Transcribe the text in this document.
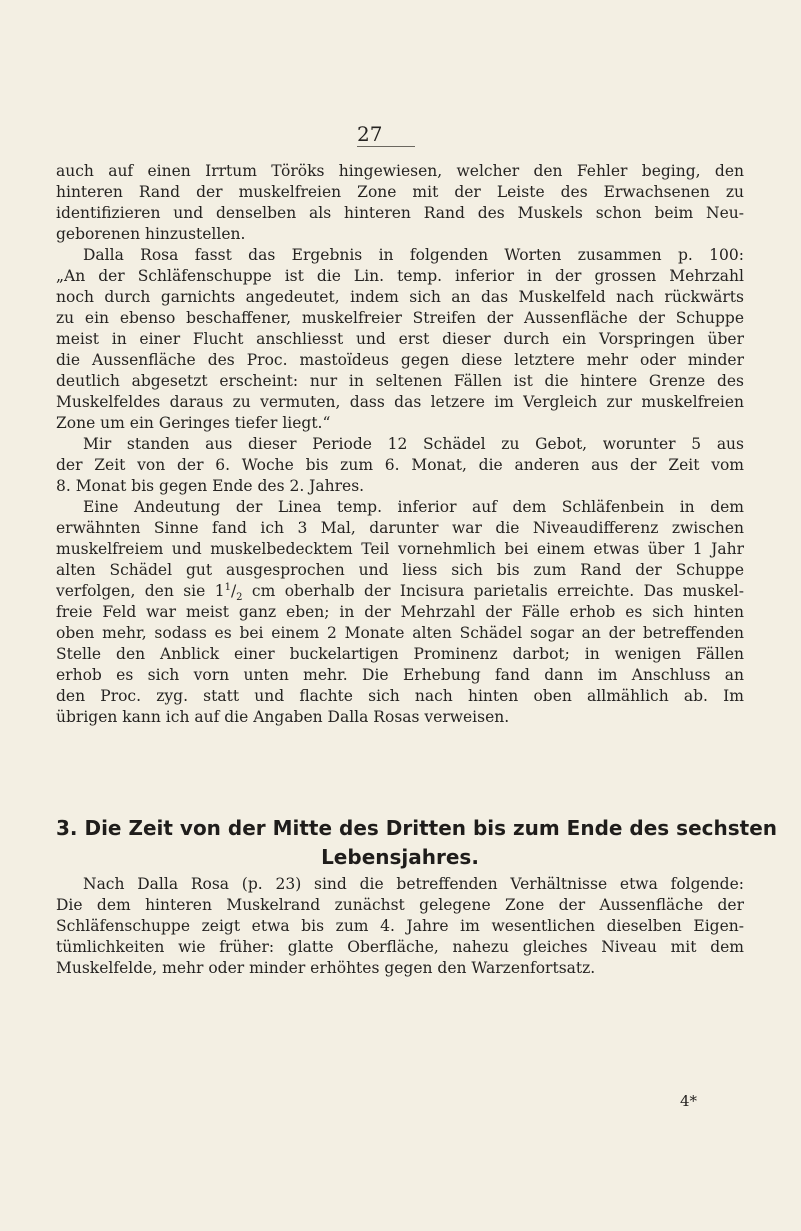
27
auch auf einen Irrtum Töröks hingewiesen, welcher den Fehler beging, den
hinteren Rand der muskelfreien Zone mit der Leiste des Erwachsenen zu
identifizieren und denselben als hinteren Rand des Muskels schon beim Neu-
geborenen hinzustellen.
Dalla Rosa fasst das Ergebnis in folgenden Worten zusammen p. 100:
„An der Schläfenschuppe ist die Lin. temp. inferior in der grossen Mehrzahl
noch durch garnichts angedeutet, indem sich an das Muskelfeld nach rückwärts
zu ein ebenso beschaffener, muskelfreier Streifen der Aussenfläche der Schuppe
meist in einer Flucht anschliesst und erst dieser durch ein Vorspringen über
die Aussenfläche des Proc. mastoïdeus gegen diese letztere mehr oder minder
deutlich abgesetzt erscheint: nur in seltenen Fällen ist die hintere Grenze des
Muskelfeldes daraus zu vermuten, dass das letzere im Vergleich zur muskelfreien
Zone um ein Geringes tiefer liegt.“
Mir standen aus dieser Periode 12 Schädel zu Gebot, worunter 5 aus
der Zeit von der 6. Woche bis zum 6. Monat, die anderen aus der Zeit vom
8. Monat bis gegen Ende des 2. Jahres.
Eine Andeutung der Linea temp. inferior auf dem Schläfenbein in dem
erwähnten Sinne fand ich 3 Mal, darunter war die Niveaudifferenz zwischen
muskelfreiem und muskelbedecktem Teil vornehmlich bei einem etwas über 1 Jahr
alten Schädel gut ausgesprochen und liess sich bis zum Rand der Schuppe
verfolgen, den sie $1^1/_2$ cm oberhalb der Incisura parietalis erreichte. Das muskel-
freie Feld war meist ganz eben; in der Mehrzahl der Fälle erhob es sich hinten
oben mehr, sodass es bei einem 2 Monate alten Schädel sogar an der betreffenden
Stelle den Anblick einer buckelartigen Prominenz darbot; in wenigen Fällen
erhob es sich vorn unten mehr. Die Erhebung fand dann im Anschluss an
den Proc. zyg. statt und flachte sich nach hinten oben allmählich ab. Im
übrigen kann ich auf die Angaben Dalla Rosas verweisen.
3. Die Zeit von der Mitte des Dritten bis zum Ende des sechsten
Lebensjahres.
Nach Dalla Rosa (p. 23) sind die betreffenden Verhältnisse etwa folgende:
Die dem hinteren Muskelrand zunächst gelegene Zone der Aussenfläche der
Schläfenschuppe zeigt etwa bis zum 4. Jahre im wesentlichen dieselben Eigen-
tümlichkeiten wie früher: glatte Oberfläche, nahezu gleiches Niveau mit dem
Muskelfelde, mehr oder minder erhöhtes gegen den Warzenfortsatz.
4*
